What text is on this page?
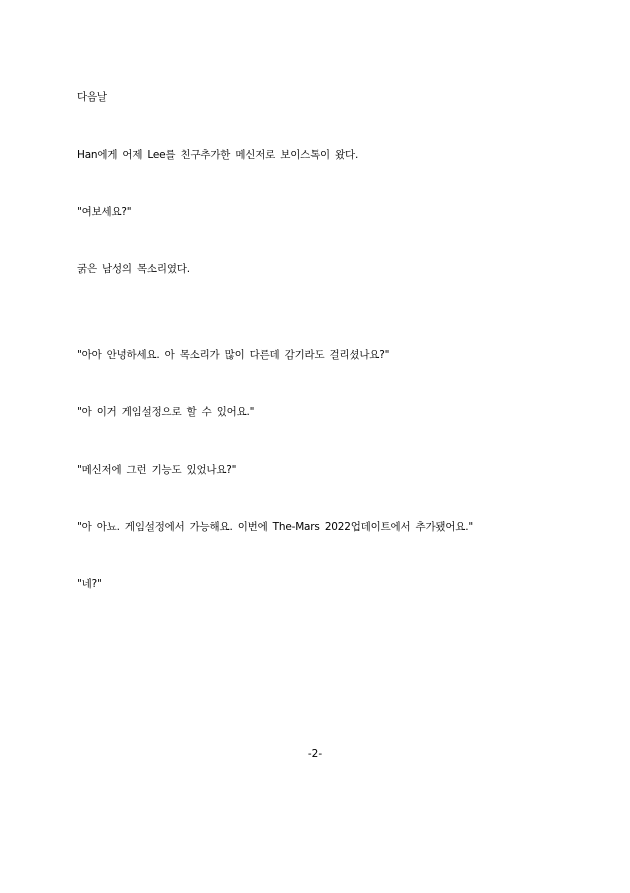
다음날

Han에게 어제 Lee를 친구추가한 메신저로 보이스톡이 왔다.

"여보세요?"

굵은 남성의 목소리였다.

"아아 안녕하세요. 아 목소리가 많이 다른데 감기라도 걸리셨나요?"

"아 이거 게임설정으로 할 수 있어요."

"메신저에 그런 기능도 있었나요?"

"아 아뇨. 게임설정에서 가능해요. 이번에 The-Mars 2022업데이트에서 추가됐어요."

"네?"

-2-
